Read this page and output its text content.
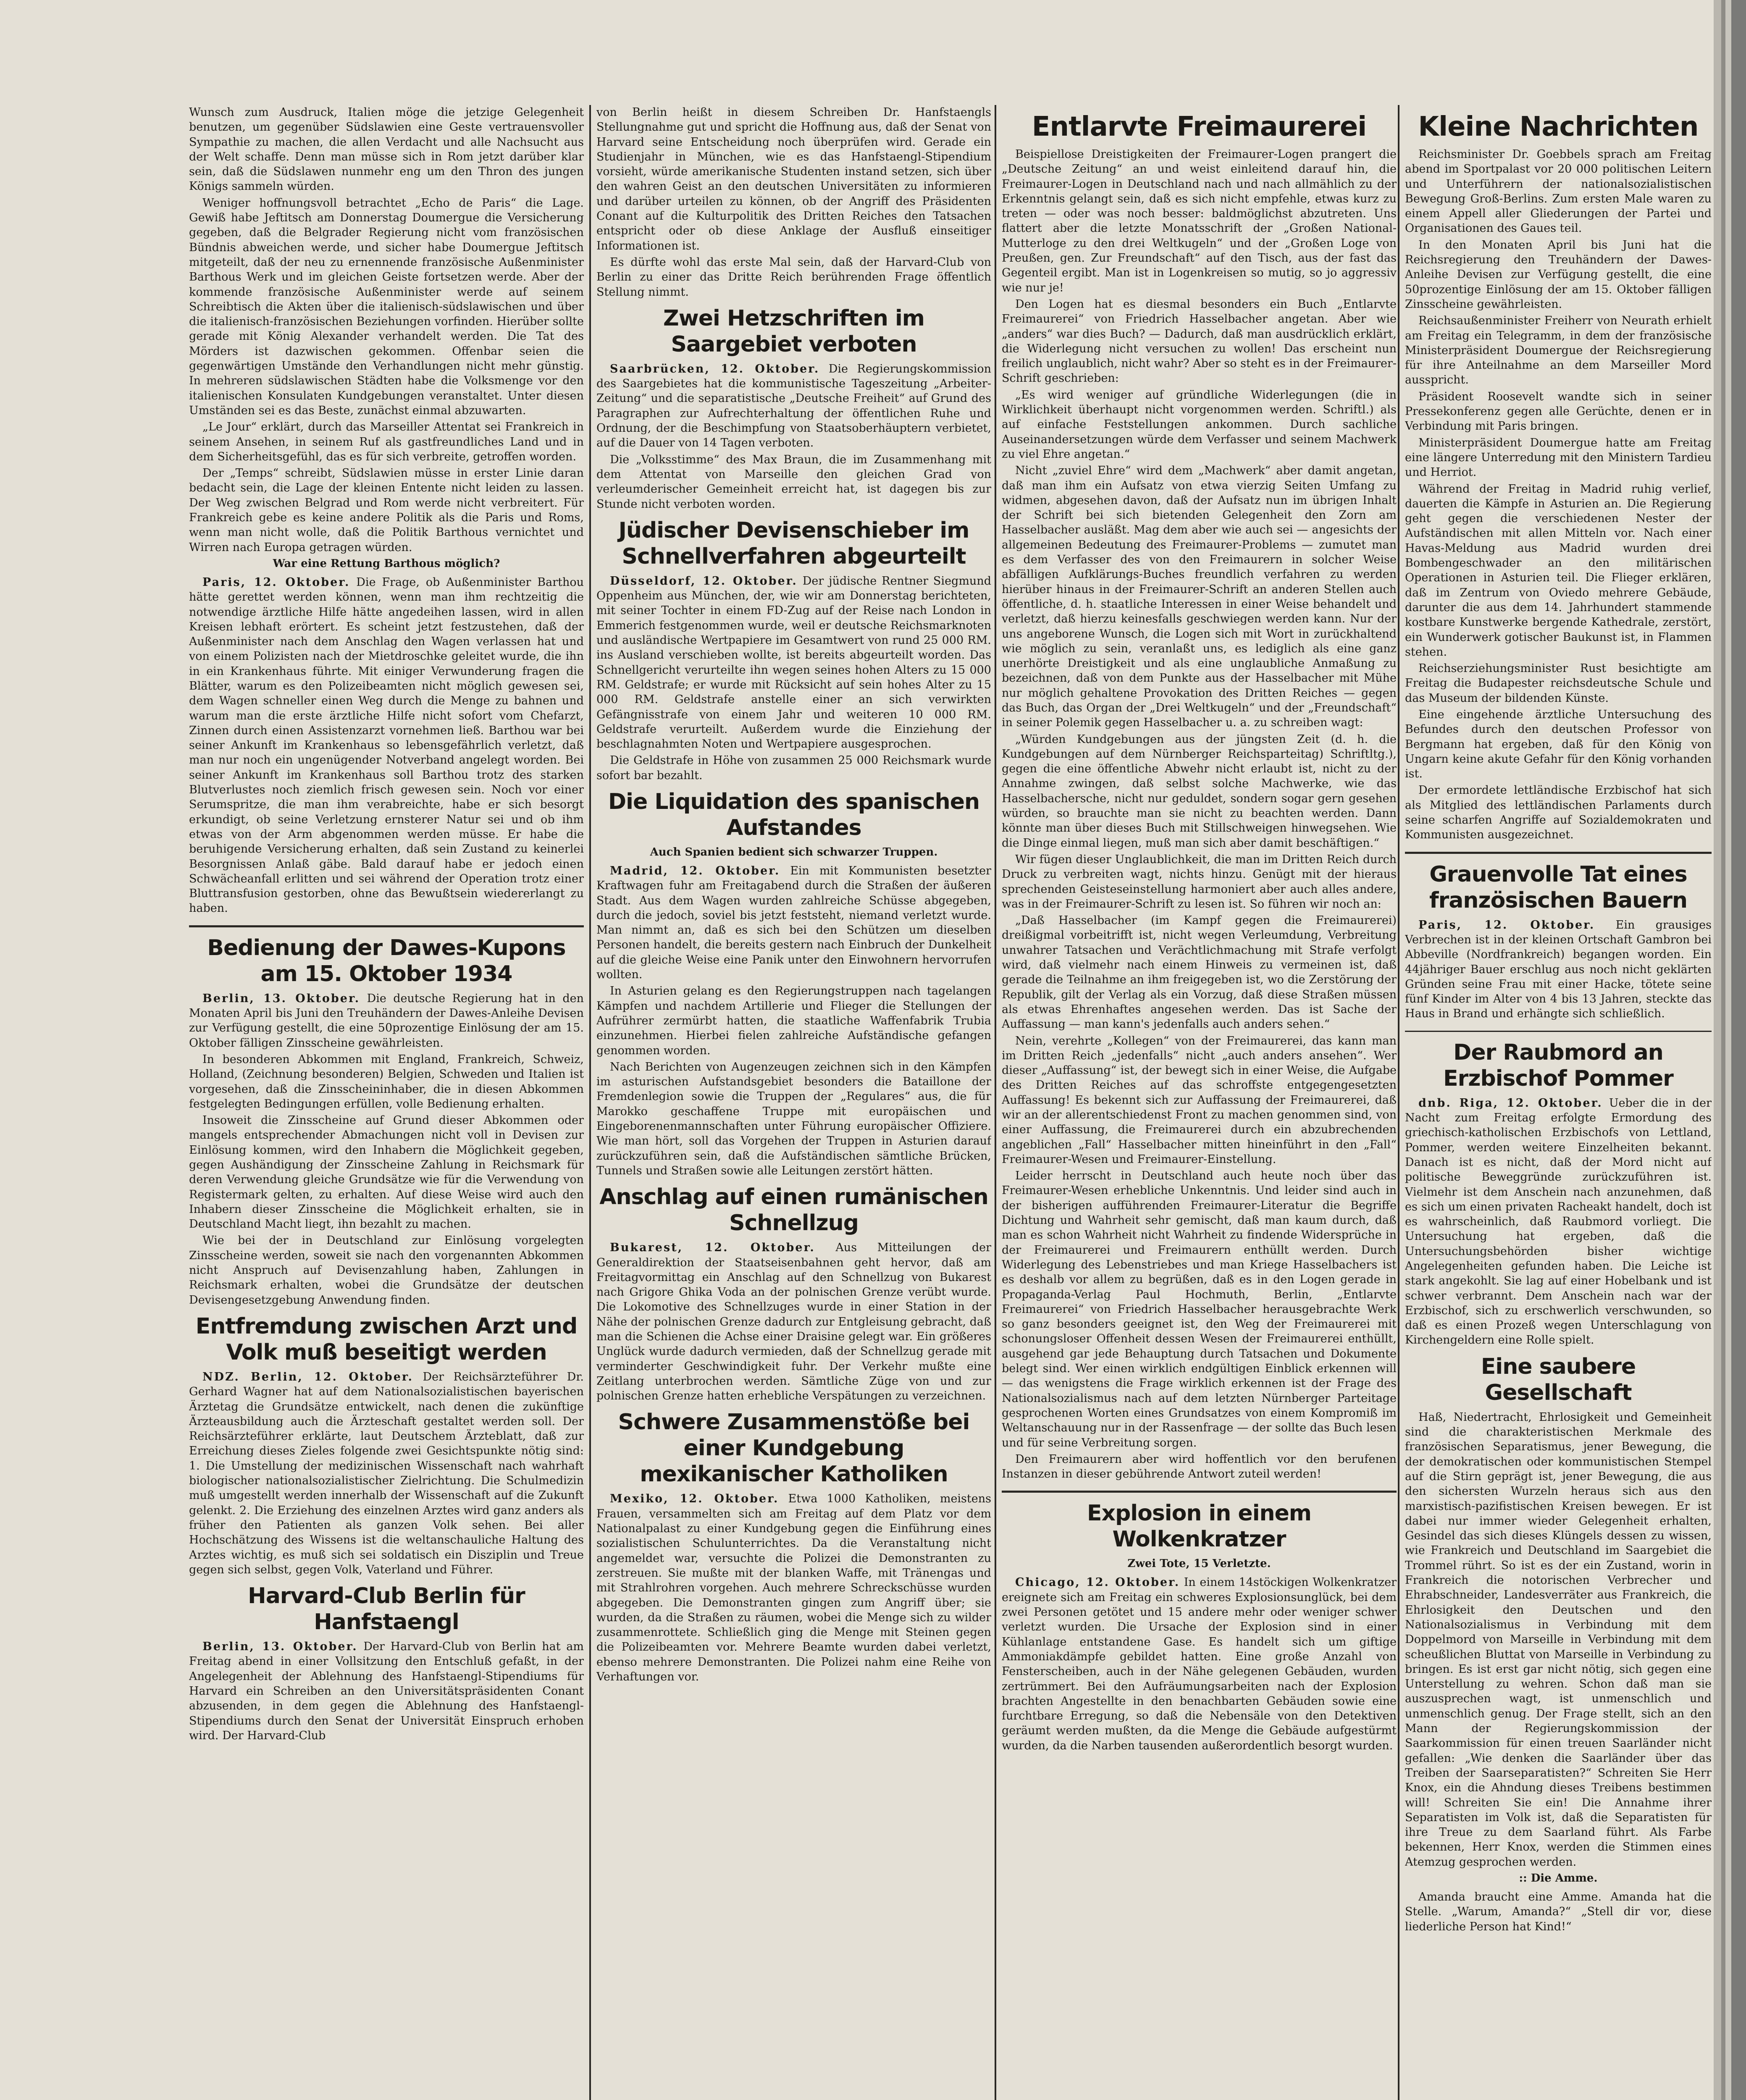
Wunsch zum Ausdruck, Italien möge die jetzige Gelegenheit benutzen, um gegenüber Südslawien eine Geste vertrauensvoller Sympathie zu machen, die allen Verdacht und alle Nachsucht aus der Welt schaffe. Denn man müsse sich in Rom jetzt darüber klar sein, daß die Südslawen nunmehr eng um den Thron des jungen Königs sammeln würden.

Weniger hoffnungsvoll betrachtet „Echo de Paris“ die Lage. Gewiß habe Jeftitsch am Donnerstag Doumergue die Versicherung gegeben, daß die Belgrader Regierung nicht vom französischen Bündnis abweichen werde, und sicher habe Doumergue Jeftitsch mitgeteilt, daß der neu zu ernennende französische Außenminister Barthous Werk und im gleichen Geiste fortsetzen werde. Aber der kommende französische Außenminister werde auf seinem Schreibtisch die Akten über die italienisch-südslawischen und über die italienisch-französischen Beziehungen vorfinden. Hierüber sollte gerade mit König Alexander verhandelt werden. Die Tat des Mörders ist dazwischen gekommen. Offenbar seien die gegenwärtigen Umstände den Verhandlungen nicht mehr günstig. In mehreren südslawischen Städten habe die Volksmenge vor den italienischen Konsulaten Kundgebungen veranstaltet. Unter diesen Umständen sei es das Beste, zunächst einmal abzuwarten.

„Le Jour“ erklärt, durch das Marseiller Attentat sei Frankreich in seinem Ansehen, in seinem Ruf als gastfreundliches Land und in dem Sicherheitsgefühl, das es für sich verbreite, getroffen worden.

Der „Temps“ schreibt, Südslawien müsse in erster Linie daran bedacht sein, die Lage der kleinen Entente nicht leiden zu lassen. Der Weg zwischen Belgrad und Rom werde nicht verbreitert. Für Frankreich gebe es keine andere Politik als die Paris und Roms, wenn man nicht wolle, daß die Politik Barthous vernichtet und Wirren nach Europa getragen würden.

War eine Rettung Barthous möglich?

Paris, 12. Oktober. Die Frage, ob Außenminister Barthou hätte gerettet werden können, wenn man ihm rechtzeitig die notwendige ärztliche Hilfe hätte angedeihen lassen, wird in allen Kreisen lebhaft erörtert. Es scheint jetzt festzustehen, daß der Außenminister nach dem Anschlag den Wagen verlassen hat und von einem Polizisten nach der Mietdroschke geleitet wurde, die ihn in ein Krankenhaus führte. Mit einiger Verwunderung fragen die Blätter, warum es den Polizeibeamten nicht möglich gewesen sei, dem Wagen schneller einen Weg durch die Menge zu bahnen und warum man die erste ärztliche Hilfe nicht sofort vom Chefarzt, Zinnen durch einen Assistenzarzt vornehmen ließ. Barthou war bei seiner Ankunft im Krankenhaus so lebensgefährlich verletzt, daß man nur noch ein ungenügender Notverband angelegt worden. Bei seiner Ankunft im Krankenhaus soll Barthou trotz des starken Blutverlustes noch ziemlich frisch gewesen sein. Noch vor einer Serumspritze, die man ihm verabreichte, habe er sich besorgt erkundigt, ob seine Verletzung ernsterer Natur sei und ob ihm etwas von der Arm abgenommen werden müsse. Er habe die beruhigende Versicherung erhalten, daß sein Zustand zu keinerlei Besorgnissen Anlaß gäbe. Bald darauf habe er jedoch einen Schwächeanfall erlitten und sei während der Operation trotz einer Bluttransfusion gestorben, ohne das Bewußtsein wiedererlangt zu haben.

Bedienung der Dawes-Kupons am 15. Oktober 1934

Berlin, 13. Oktober. Die deutsche Regierung hat in den Monaten April bis Juni den Treuhändern der Dawes-Anleihe Devisen zur Verfügung gestellt, die eine 50prozentige Einlösung der am 15. Oktober fälligen Zinsscheine gewährleisten.

In besonderen Abkommen mit England, Frankreich, Schweiz, Holland, (Zeichnung besonderen) Belgien, Schweden und Italien ist vorgesehen, daß die Zinsscheininhaber, die in diesen Abkommen festgelegten Bedingungen erfüllen, volle Bedienung erhalten.

Insoweit die Zinsscheine auf Grund dieser Abkommen oder mangels entsprechender Abmachungen nicht voll in Devisen zur Einlösung kommen, wird den Inhabern die Möglichkeit gegeben, gegen Aushändigung der Zinsscheine Zahlung in Reichsmark für deren Verwendung gleiche Grundsätze wie für die Verwendung von Registermark gelten, zu erhalten. Auf diese Weise wird auch den Inhabern dieser Zinsscheine die Möglichkeit erhalten, sie in Deutschland Macht liegt, ihn bezahlt zu machen.

Wie bei der in Deutschland zur Einlösung vorgelegten Zinsscheine werden, soweit sie nach den vorgenannten Abkommen nicht Anspruch auf Devisenzahlung haben, Zahlungen in Reichsmark erhalten, wobei die Grundsätze der deutschen Devisengesetzgebung Anwendung finden.

Entfremdung zwischen Arzt und Volk muß beseitigt werden

NDZ. Berlin, 12. Oktober. Der Reichsärzteführer Dr. Gerhard Wagner hat auf dem Nationalsozialistischen bayerischen Ärztetag die Grundsätze entwickelt, nach denen die zukünftige Ärzteausbildung auch die Ärzteschaft gestaltet werden soll. Der Reichsärzteführer erklärte, laut Deutschem Ärzteblatt, daß zur Erreichung dieses Zieles folgende zwei Gesichtspunkte nötig sind: 1. Die Umstellung der medizinischen Wissenschaft nach wahrhaft biologischer nationalsozialistischer Zielrichtung. Die Schulmedizin muß umgestellt werden innerhalb der Wissenschaft auf die Zukunft gelenkt. 2. Die Erziehung des einzelnen Arztes wird ganz anders als früher den Patienten als ganzen Volk sehen. Bei aller Hochschätzung des Wissens ist die weltanschauliche Haltung des Arztes wichtig, es muß sich sei soldatisch ein Disziplin und Treue gegen sich selbst, gegen Volk, Vaterland und Führer.

Harvard-Club Berlin für Hanfstaengl

Berlin, 13. Oktober. Der Harvard-Club von Berlin hat am Freitag abend in einer Vollsitzung den Entschluß gefaßt, in der Angelegenheit der Ablehnung des Hanfstaengl-Stipendiums für Harvard ein Schreiben an den Universitätspräsidenten Conant abzusenden, in dem gegen die Ablehnung des Hanfstaengl-Stipendiums durch den Senat der Universität Einspruch erhoben wird. Der Harvard-Club

von Berlin heißt in diesem Schreiben Dr. Hanfstaengls Stellungnahme gut und spricht die Hoffnung aus, daß der Senat von Harvard seine Entscheidung noch überprüfen wird. Gerade ein Studienjahr in München, wie es das Hanfstaengl-Stipendium vorsieht, würde amerikanische Studenten instand setzen, sich über den wahren Geist an den deutschen Universitäten zu informieren und darüber urteilen zu können, ob der Angriff des Präsidenten Conant auf die Kulturpolitik des Dritten Reiches den Tatsachen entspricht oder ob diese Anklage der Ausfluß einseitiger Informationen ist.

Es dürfte wohl das erste Mal sein, daß der Harvard-Club von Berlin zu einer das Dritte Reich berührenden Frage öffentlich Stellung nimmt.

Zwei Hetzschriften im Saargebiet verboten

Saarbrücken, 12. Oktober. Die Regierungskommission des Saargebietes hat die kommunistische Tageszeitung „Arbeiter-Zeitung“ und die separatistische „Deutsche Freiheit“ auf Grund des Paragraphen zur Aufrechterhaltung der öffentlichen Ruhe und Ordnung, der die Beschimpfung von Staatsoberhäuptern verbietet, auf die Dauer von 14 Tagen verboten.

Die „Volksstimme“ des Max Braun, die im Zusammenhang mit dem Attentat von Marseille den gleichen Grad von verleumderischer Gemeinheit erreicht hat, ist dagegen bis zur Stunde nicht verboten worden.

Jüdischer Devisenschieber im Schnellverfahren abgeurteilt

Düsseldorf, 12. Oktober. Der jüdische Rentner Siegmund Oppenheim aus München, der, wie wir am Donnerstag berichteten, mit seiner Tochter in einem FD-Zug auf der Reise nach London in Emmerich festgenommen wurde, weil er deutsche Reichsmarknoten und ausländische Wertpapiere im Gesamtwert von rund 25 000 RM. ins Ausland verschieben wollte, ist bereits abgeurteilt worden. Das Schnellgericht verurteilte ihn wegen seines hohen Alters zu 15 000 RM. Geldstrafe; er wurde mit Rücksicht auf sein hohes Alter zu 15 000 RM. Geldstrafe anstelle einer an sich verwirkten Gefängnisstrafe von einem Jahr und weiteren 10 000 RM. Geldstrafe verurteilt. Außerdem wurde die Einziehung der beschlagnahmten Noten und Wertpapiere ausgesprochen.

Die Geldstrafe in Höhe von zusammen 25 000 Reichsmark wurde sofort bar bezahlt.

Die Liquidation des spanischen Aufstandes
Auch Spanien bedient sich schwarzer Truppen.

Madrid, 12. Oktober. Ein mit Kommunisten besetzter Kraftwagen fuhr am Freitagabend durch die Straßen der äußeren Stadt. Aus dem Wagen wurden zahlreiche Schüsse abgegeben, durch die jedoch, soviel bis jetzt feststeht, niemand verletzt wurde. Man nimmt an, daß es sich bei den Schützen um dieselben Personen handelt, die bereits gestern nach Einbruch der Dunkelheit auf die gleiche Weise eine Panik unter den Einwohnern hervorrufen wollten.

In Asturien gelang es den Regierungstruppen nach tagelangen Kämpfen und nachdem Artillerie und Flieger die Stellungen der Aufrührer zermürbt hatten, die staatliche Waffenfabrik Trubia einzunehmen. Hierbei fielen zahlreiche Aufständische gefangen genommen worden.

Nach Berichten von Augenzeugen zeichnen sich in den Kämpfen im asturischen Aufstandsgebiet besonders die Bataillone der Fremdenlegion sowie die Truppen der „Regulares“ aus, die für Marokko geschaffene Truppe mit europäischen und Eingeborenenmannschaften unter Führung europäischer Offiziere. Wie man hört, soll das Vorgehen der Truppen in Asturien darauf zurückzuführen sein, daß die Aufständischen sämtliche Brücken, Tunnels und Straßen sowie alle Leitungen zerstört hätten.

Anschlag auf einen rumänischen Schnellzug

Bukarest, 12. Oktober. Aus Mitteilungen der Generaldirektion der Staatseisenbahnen geht hervor, daß am Freitagvormittag ein Anschlag auf den Schnellzug von Bukarest nach Grigore Ghika Voda an der polnischen Grenze verübt wurde. Die Lokomotive des Schnellzuges wurde in einer Station in der Nähe der polnischen Grenze dadurch zur Entgleisung gebracht, daß man die Schienen die Achse einer Draisine gelegt war. Ein größeres Unglück wurde dadurch vermieden, daß der Schnellzug gerade mit verminderter Geschwindigkeit fuhr. Der Verkehr mußte eine Zeitlang unterbrochen werden. Sämtliche Züge von und zur polnischen Grenze hatten erhebliche Verspätungen zu verzeichnen.

Schwere Zusammenstöße bei einer Kundgebung mexikanischer Katholiken

Mexiko, 12. Oktober. Etwa 1000 Katholiken, meistens Frauen, versammelten sich am Freitag auf dem Platz vor dem Nationalpalast zu einer Kundgebung gegen die Einführung eines sozialistischen Schulunterrichtes. Da die Veranstaltung nicht angemeldet war, versuchte die Polizei die Demonstranten zu zerstreuen. Sie mußte mit der blanken Waffe, mit Tränengas und mit Strahlrohren vorgehen. Auch mehrere Schreckschüsse wurden abgegeben. Die Demonstranten gingen zum Angriff über; sie wurden, da die Straßen zu räumen, wobei die Menge sich zu wilder zusammenrottete. Schließlich ging die Menge mit Steinen gegen die Polizeibeamten vor. Mehrere Beamte wurden dabei verletzt, ebenso mehrere Demonstranten. Die Polizei nahm eine Reihe von Verhaftungen vor.

Entlarvte Freimaurerei

Beispiellose Dreistigkeiten der Freimaurer-Logen prangert die „Deutsche Zeitung“ an und weist einleitend darauf hin, die Freimaurer-Logen in Deutschland nach und nach allmählich zu der Erkenntnis gelangt sein, daß es sich nicht empfehle, etwas kurz zu treten — oder was noch besser: baldmöglichst abzutreten. Uns flattert aber die letzte Monatsschrift der „Großen National-Mutterloge zu den drei Weltkugeln“ und der „Großen Loge von Preußen, gen. Zur Freundschaft“ auf den Tisch, aus der fast das Gegenteil ergibt. Man ist in Logenkreisen so mutig, so jo aggressiv wie nur je!

Den Logen hat es diesmal besonders ein Buch „Entlarvte Freimaurerei“ von Friedrich Hasselbacher angetan. Aber wie „anders“ war dies Buch? — Dadurch, daß man ausdrücklich erklärt, die Widerlegung nicht versuchen zu wollen! Das erscheint nun freilich unglaublich, nicht wahr? Aber so steht es in der Freimaurer-Schrift geschrieben:

„Es wird weniger auf gründliche Widerlegungen (die in Wirklichkeit überhaupt nicht vorgenommen werden. Schriftl.) als auf einfache Feststellungen ankommen. Durch sachliche Auseinandersetzungen würde dem Verfasser und seinem Machwerk zu viel Ehre angetan.“

Nicht „zuviel Ehre“ wird dem „Machwerk“ aber damit angetan, daß man ihm ein Aufsatz von etwa vierzig Seiten Umfang zu widmen, abgesehen davon, daß der Aufsatz nun im übrigen Inhalt der Schrift bei sich bietenden Gelegenheit den Zorn am Hasselbacher ausläßt. Mag dem aber wie auch sei — angesichts der allgemeinen Bedeutung des Freimaurer-Problems — zumutet man es dem Verfasser des von den Freimaurern in solcher Weise abfälligen Aufklärungs-Buches freundlich verfahren zu werden hierüber hinaus in der Freimaurer-Schrift an anderen Stellen auch öffentliche, d. h. staatliche Interessen in einer Weise behandelt und verletzt, daß hierzu keinesfalls geschwiegen werden kann. Nur der uns angeborene Wunsch, die Logen sich mit Wort in zurückhaltend wie möglich zu sein, veranlaßt uns, es lediglich als eine ganz unerhörte Dreistigkeit und als eine unglaubliche Anmaßung zu bezeichnen, daß von dem Punkte aus der Hasselbacher mit Mühe nur möglich gehaltene Provokation des Dritten Reiches — gegen das Buch, das Organ der „Drei Weltkugeln“ und der „Freundschaft“ in seiner Polemik gegen Hasselbacher u. a. zu schreiben wagt:

„Würden Kundgebungen aus der jüngsten Zeit (d. h. die Kundgebungen auf dem Nürnberger Reichsparteitag) Schriftltg.), gegen die eine öffentliche Abwehr nicht erlaubt ist, nicht zu der Annahme zwingen, daß selbst solche Machwerke, wie das Hasselbachersche, nicht nur geduldet, sondern sogar gern gesehen würden, so brauchte man sie nicht zu beachten werden. Dann könnte man über dieses Buch mit Stillschweigen hinwegsehen. Wie die Dinge einmal liegen, muß man sich aber damit beschäftigen.“

Wir fügen dieser Unglaublichkeit, die man im Dritten Reich durch Druck zu verbreiten wagt, nichts hinzu. Genügt mit der hieraus sprechenden Geisteseinstellung harmoniert aber auch alles andere, was in der Freimaurer-Schrift zu lesen ist. So führen wir noch an:

„Daß Hasselbacher (im Kampf gegen die Freimaurerei) dreißigmal vorbeitrifft ist, nicht wegen Verleumdung, Verbreitung unwahrer Tatsachen und Verächtlichmachung mit Strafe verfolgt wird, daß vielmehr nach einem Hinweis zu vermeinen ist, daß gerade die Teilnahme an ihm freigegeben ist, wo die Zerstörung der Republik, gilt der Verlag als ein Vorzug, daß diese Straßen müssen als etwas Ehrenhaftes angesehen werden. Das ist Sache der Auffassung — man kann's jedenfalls auch anders sehen.“

Nein, verehrte „Kollegen“ von der Freimaurerei, das kann man im Dritten Reich „jedenfalls“ nicht „auch anders ansehen“. Wer dieser „Auffassung“ ist, der bewegt sich in einer Weise, die Aufgabe des Dritten Reiches auf das schroffste entgegengesetzten Auffassung! Es bekennt sich zur Auffassung der Freimaurerei, daß wir an der allerentschiedenst Front zu machen genommen sind, von einer Auffassung, die Freimaurerei durch ein abzubrechenden angeblichen „Fall“ Hasselbacher mitten hineinführt in den „Fall“ Freimaurer-Wesen und Freimaurer-Einstellung.

Leider herrscht in Deutschland auch heute noch über das Freimaurer-Wesen erhebliche Unkenntnis. Und leider sind auch in der bisherigen aufführenden Freimaurer-Literatur die Begriffe Dichtung und Wahrheit sehr gemischt, daß man kaum durch, daß man es schon Wahrheit nicht Wahrheit zu findende Widersprüche in der Freimaurerei und Freimaurern enthüllt werden. Durch Widerlegung des Lebenstriebes und man Kriege Hasselbachers ist es deshalb vor allem zu begrüßen, daß es in den Logen gerade in Propaganda-Verlag Paul Hochmuth, Berlin, „Entlarvte Freimaurerei“ von Friedrich Hasselbacher herausgebrachte Werk so ganz besonders geeignet ist, den Weg der Freimaurerei mit schonungsloser Offenheit dessen Wesen der Freimaurerei enthüllt, ausgehend gar jede Behauptung durch Tatsachen und Dokumente belegt sind. Wer einen wirklich endgültigen Einblick erkennen will — das wenigstens die Frage wirklich erkennen ist der Frage des Nationalsozialismus nach auf dem letzten Nürnberger Parteitage gesprochenen Worten eines Grundsatzes von einem Kompromiß im Weltanschauung nur in der Rassenfrage — der sollte das Buch lesen und für seine Verbreitung sorgen.

Den Freimaurern aber wird hoffentlich vor den berufenen Instanzen in dieser gebührende Antwort zuteil werden!

Explosion in einem Wolkenkratzer
Zwei Tote, 15 Verletzte.

Chicago, 12. Oktober. In einem 14stöckigen Wolkenkratzer ereignete sich am Freitag ein schweres Explosionsunglück, bei dem zwei Personen getötet und 15 andere mehr oder weniger schwer verletzt wurden. Die Ursache der Explosion sind in einer Kühlanlage entstandene Gase. Es handelt sich um giftige Ammoniakdämpfe gebildet hatten. Eine große Anzahl von Fensterscheiben, auch in der Nähe gelegenen Gebäuden, wurden zertrümmert. Bei den Aufräumungsarbeiten nach der Explosion brachten Angestellte in den benachbarten Gebäuden sowie eine furchtbare Erregung, so daß die Nebensäle von den Detektiven geräumt werden mußten, da die Menge die Gebäude aufgestürmt wurden, da die Narben tausenden außerordentlich besorgt wurden.

Kleine Nachrichten

Reichsminister Dr. Goebbels sprach am Freitag abend im Sportpalast vor 20 000 politischen Leitern und Unterführern der nationalsozialistischen Bewegung Groß-Berlins. Zum ersten Male waren zu einem Appell aller Gliederungen der Partei und Organisationen des Gaues teil.

In den Monaten April bis Juni hat die Reichsregierung den Treuhändern der Dawes-Anleihe Devisen zur Verfügung gestellt, die eine 50prozentige Einlösung der am 15. Oktober fälligen Zinsscheine gewährleisten.

Reichsaußenminister Freiherr von Neurath erhielt am Freitag ein Telegramm, in dem der französische Ministerpräsident Doumergue der Reichsregierung für ihre Anteilnahme an dem Marseiller Mord ausspricht.

Präsident Roosevelt wandte sich in seiner Pressekonferenz gegen alle Gerüchte, denen er in Verbindung mit Paris bringen.

Ministerpräsident Doumergue hatte am Freitag eine längere Unterredung mit den Ministern Tardieu und Herriot.

Während der Freitag in Madrid ruhig verlief, dauerten die Kämpfe in Asturien an. Die Regierung geht gegen die verschiedenen Nester der Aufständischen mit allen Mitteln vor. Nach einer Havas-Meldung aus Madrid wurden drei Bombengeschwader an den militärischen Operationen in Asturien teil. Die Flieger erklären, daß im Zentrum von Oviedo mehrere Gebäude, darunter die aus dem 14. Jahrhundert stammende kostbare Kunstwerke bergende Kathedrale, zerstört, ein Wunderwerk gotischer Baukunst ist, in Flammen stehen.

Reichserziehungsminister Rust besichtigte am Freitag die Budapester reichsdeutsche Schule und das Museum der bildenden Künste.

Eine eingehende ärztliche Untersuchung des Befundes durch den deutschen Professor von Bergmann hat ergeben, daß für den König von Ungarn keine akute Gefahr für den König vorhanden ist.

Der ermordete lettländische Erzbischof hat sich als Mitglied des lettländischen Parlaments durch seine scharfen Angriffe auf Sozialdemokraten und Kommunisten ausgezeichnet.

Grauenvolle Tat eines französischen Bauern

Paris, 12. Oktober. Ein grausiges Verbrechen ist in der kleinen Ortschaft Gambron bei Abbeville (Nordfrankreich) begangen worden. Ein 44jähriger Bauer erschlug aus noch nicht geklärten Gründen seine Frau mit einer Hacke, tötete seine fünf Kinder im Alter von 4 bis 13 Jahren, steckte das Haus in Brand und erhängte sich schließlich.

Der Raubmord an Erzbischof Pommer

dnb. Riga, 12. Oktober. Ueber die in der Nacht zum Freitag erfolgte Ermordung des griechisch-katholischen Erzbischofs von Lettland, Pommer, werden weitere Einzelheiten bekannt. Danach ist es nicht, daß der Mord nicht auf politische Beweggründe zurückzuführen ist. Vielmehr ist dem Anschein nach anzunehmen, daß es sich um einen privaten Racheakt handelt, doch ist es wahrscheinlich, daß Raubmord vorliegt. Die Untersuchung hat ergeben, daß die Untersuchungsbehörden bisher wichtige Angelegenheiten gefunden haben. Die Leiche ist stark angekohlt. Sie lag auf einer Hobelbank und ist schwer verbrannt. Dem Anschein nach war der Erzbischof, sich zu erschwerlich verschwunden, so daß es einen Prozeß wegen Unterschlagung von Kirchengeldern eine Rolle spielt.

Eine saubere Gesellschaft

Haß, Niedertracht, Ehrlosigkeit und Gemeinheit sind die charakteristischen Merkmale des französischen Separatismus, jener Bewegung, die der demokratischen oder kommunistischen Stempel auf die Stirn geprägt ist, jener Bewegung, die aus den sichersten Wurzeln heraus sich aus den marxistisch-pazifistischen Kreisen bewegen. Er ist dabei nur immer wieder Gelegenheit erhalten, Gesindel das sich dieses Klüngels dessen zu wissen, wie Frankreich und Deutschland im Saargebiet die Trommel rührt. So ist es der ein Zustand, worin in Frankreich die notorischen Verbrecher und Ehrabschneider, Landesverräter aus Frankreich, die Ehrlosigkeit den Deutschen und den Nationalsozialismus in Verbindung mit dem Doppelmord von Marseille in Verbindung mit dem scheußlichen Bluttat von Marseille in Verbindung zu bringen. Es ist erst gar nicht nötig, sich gegen eine Unterstellung zu wehren. Schon daß man sie auszusprechen wagt, ist unmenschlich und unmenschlich genug. Der Frage stellt, sich an den Mann der Regierungskommission der Saarkommission für einen treuen Saarländer nicht gefallen: „Wie denken die Saarländer über das Treiben der Saarseparatisten?“ Schreiten Sie Herr Knox, ein die Ahndung dieses Treibens bestimmen will! Schreiten Sie ein! Die Annahme ihrer Separatisten im Volk ist, daß die Separatisten für ihre Treue zu dem Saarland führt. Als Farbe bekennen, Herr Knox, werden die Stimmen eines Atemzug gesprochen werden.

:: Die Amme.

Amanda braucht eine Amme. Amanda hat die Stelle. „Warum, Amanda?“ „Stell dir vor, diese liederliche Person hat Kind!“
